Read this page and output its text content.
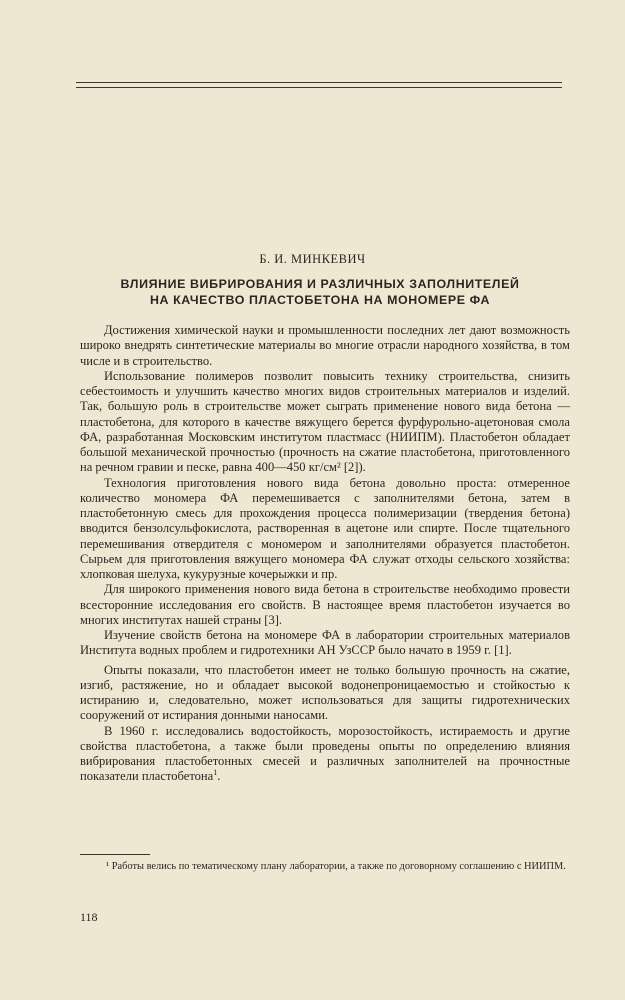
Б. И. МИНКЕВИЧ
ВЛИЯНИЕ ВИБРИРОВАНИЯ И РАЗЛИЧНЫХ ЗАПОЛНИТЕЛЕЙ
НА КАЧЕСТВО ПЛАСТОБЕТОНА НА МОНОМЕРЕ ФА

Достижения химической науки и промышленности последних лет дают возможность широко внедрять синтетические материалы во многие отрасли народного хозяйства, в том числе и в строительство.

Использование полимеров позволит повысить технику строительства, снизить себестоимость и улучшить качество многих видов строительных материалов и изделий. Так, большую роль в строительстве может сыграть применение нового вида бетона — пластобетона, для которого в качестве вяжущего берется фурфурольно-ацетоновая смола ФА, разработанная Московским институтом пластмасс (НИИПМ). Пластобетон обладает большой механической прочностью (прочность на сжатие пластобетона, приготовленного на речном гравии и песке, равна 400—450 кг/см² [2]).

Технология приготовления нового вида бетона довольно проста: отмеренное количество мономера ФА перемешивается с заполнителями бетона, затем в пластобетонную смесь для прохождения процесса полимеризации (твердения бетона) вводится бензолсульфокислота, растворенная в ацетоне или спирте. После тщательного перемешивания отвердителя с мономером и заполнителями образуется пластобетон. Сырьем для приготовления вяжущего мономера ФА служат отходы сельского хозяйства: хлопковая шелуха, кукурузные кочерыжки и пр.

Для широкого применения нового вида бетона в строительстве необходимо провести всесторонние исследования его свойств. В настоящее время пластобетон изучается во многих институтах нашей страны [3].

Изучение свойств бетона на мономере ФА в лаборатории строительных материалов Института водных проблем и гидротехники АН УзССР было начато в 1959 г. [1].

Опыты показали, что пластобетон имеет не только большую прочность на сжатие, изгиб, растяжение, но и обладает высокой водонепроницаемостью и стойкостью к истиранию и, следовательно, может использоваться для защиты гидротехнических сооружений от истирания донными наносами.

В 1960 г. исследовались водостойкость, морозостойкость, истираемость и другие свойства пластобетона, а также были проведены опыты по определению влияния вибрирования пластобетонных смесей и различных заполнителей на прочностные показатели пластобетона$^1$.

¹ Работы велись по тематическому плану лаборатории, а также по договорному соглашению с НИИПМ.

118
